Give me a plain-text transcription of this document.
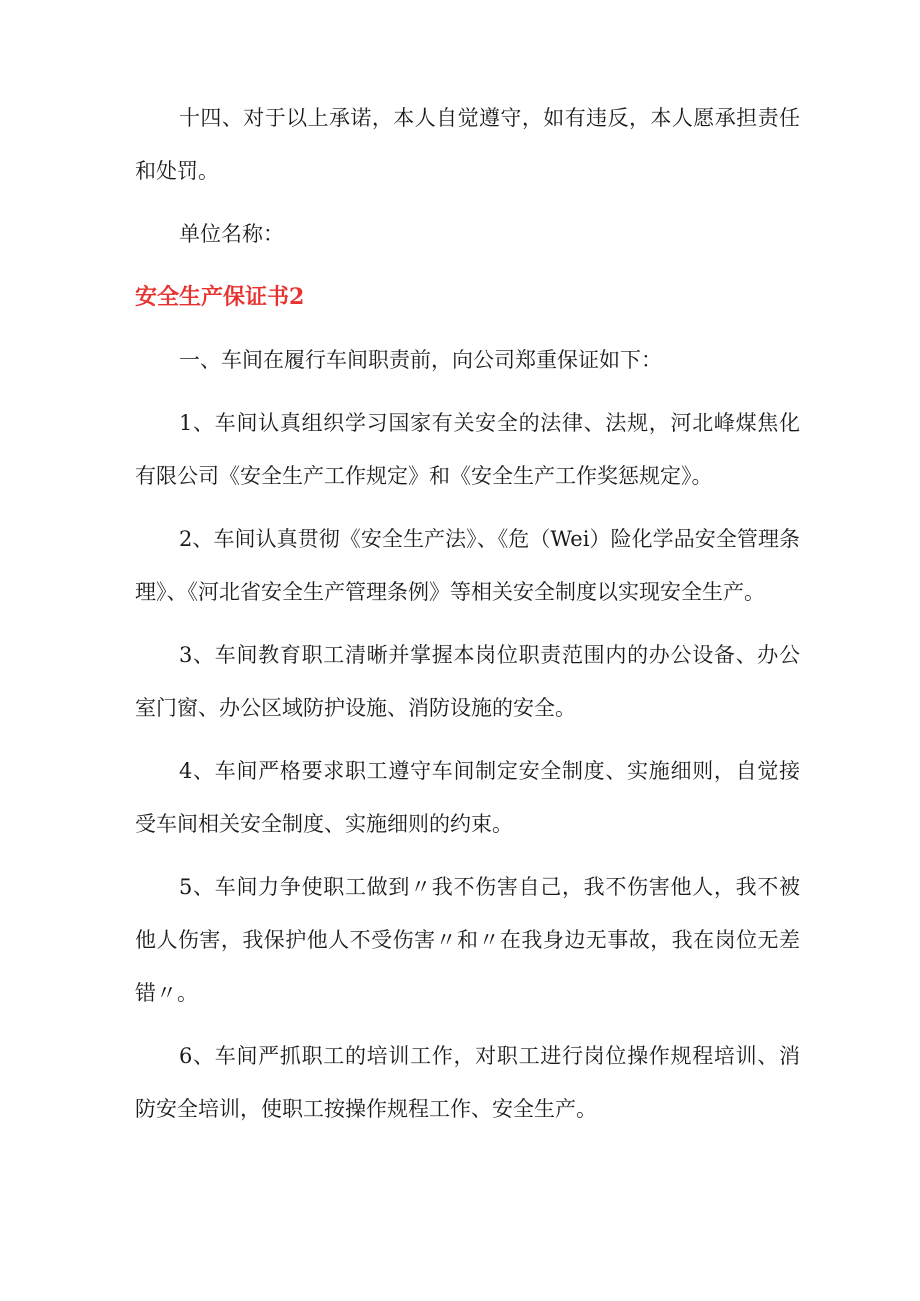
十四、对于以上承诺，本人自觉遵守，如有违反，本人愿承担责任和处罚。

单位名称：

安全生产保证书2

一、车间在履行车间职责前，向公司郑重保证如下：

1、车间认真组织学习国家有关安全的法律、法规，河北峰煤焦化有限公司《安全生产工作规定》和《安全生产工作奖惩规定》。

2、车间认真贯彻《安全生产法》、《危（Wei）险化学品安全管理条理》、《河北省安全生产管理条例》等相关安全制度以实现安全生产。

3、车间教育职工清晰并掌握本岗位职责范围内的办公设备、办公室门窗、办公区域防护设施、消防设施的安全。

4、车间严格要求职工遵守车间制定安全制度、实施细则，自觉接受车间相关安全制度、实施细则的约束。

5、车间力争使职工做到〃我不伤害自己，我不伤害他人，我不被他人伤害，我保护他人不受伤害〃和〃在我身边无事故，我在岗位无差错〃。

6、车间严抓职工的培训工作，对职工进行岗位操作规程培训、消防安全培训，使职工按操作规程工作、安全生产。
